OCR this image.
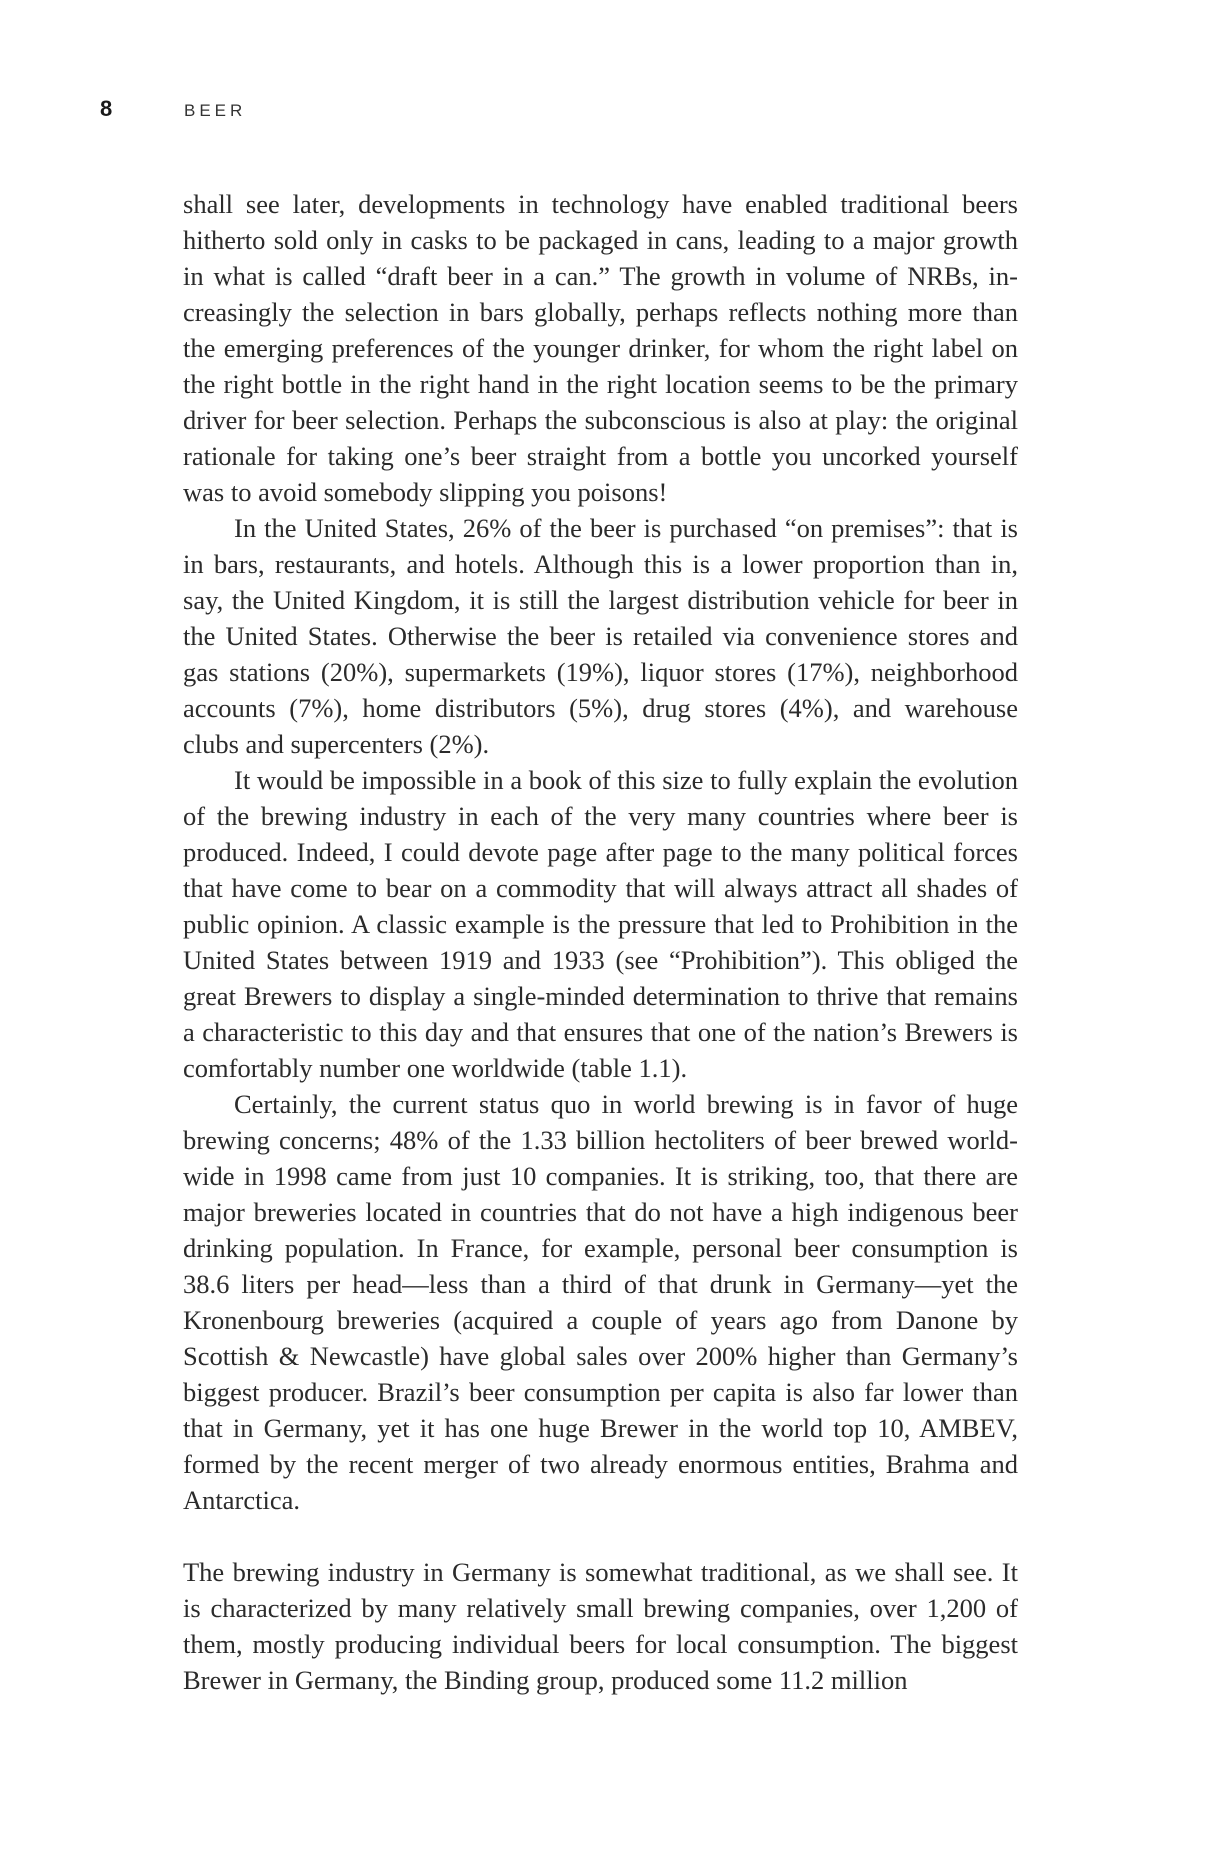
8	BEER

shall see later, developments in technology have enabled traditional beers hitherto sold only in casks to be packaged in cans, leading to a major growth in what is called “draft beer in a can.” The growth in volume of NRBs, increasingly the selection in bars globally, perhaps reflects nothing more than the emerging preferences of the younger drinker, for whom the right label on the right bottle in the right hand in the right location seems to be the primary driver for beer selection. Perhaps the subconscious is also at play: the original rationale for taking one’s beer straight from a bottle you uncorked yourself was to avoid somebody slipping you poisons!

In the United States, 26% of the beer is purchased “on premises”: that is in bars, restaurants, and hotels. Although this is a lower proportion than in, say, the United Kingdom, it is still the largest distribution vehicle for beer in the United States. Otherwise the beer is retailed via convenience stores and gas stations (20%), supermarkets (19%), liquor stores (17%), neighborhood accounts (7%), home distributors (5%), drug stores (4%), and warehouse clubs and supercenters (2%).

It would be impossible in a book of this size to fully explain the evolution of the brewing industry in each of the very many countries where beer is produced. Indeed, I could devote page after page to the many political forces that have come to bear on a commodity that will always attract all shades of public opinion. A classic example is the pressure that led to Prohibition in the United States between 1919 and 1933 (see “Prohibition”). This obliged the great Brewers to display a single-minded determination to thrive that remains a characteristic to this day and that ensures that one of the nation’s Brewers is comfortably number one worldwide (table 1.1).

Certainly, the current status quo in world brewing is in favor of huge brewing concerns; 48% of the 1.33 billion hectoliters of beer brewed worldwide in 1998 came from just 10 companies. It is striking, too, that there are major breweries located in countries that do not have a high indigenous beer drinking population. In France, for example, personal beer consumption is 38.6 liters per head—less than a third of that drunk in Germany—yet the Kronenbourg breweries (acquired a couple of years ago from Danone by Scottish & Newcastle) have global sales over 200% higher than Germany’s biggest producer. Brazil’s beer consumption per capita is also far lower than that in Germany, yet it has one huge Brewer in the world top 10, AMBEV, formed by the recent merger of two already enormous entities, Brahma and Antarctica.

The brewing industry in Germany is somewhat traditional, as we shall see. It is characterized by many relatively small brewing companies, over 1,200 of them, mostly producing individual beers for local consumption. The biggest Brewer in Germany, the Binding group, produced some 11.2 million
